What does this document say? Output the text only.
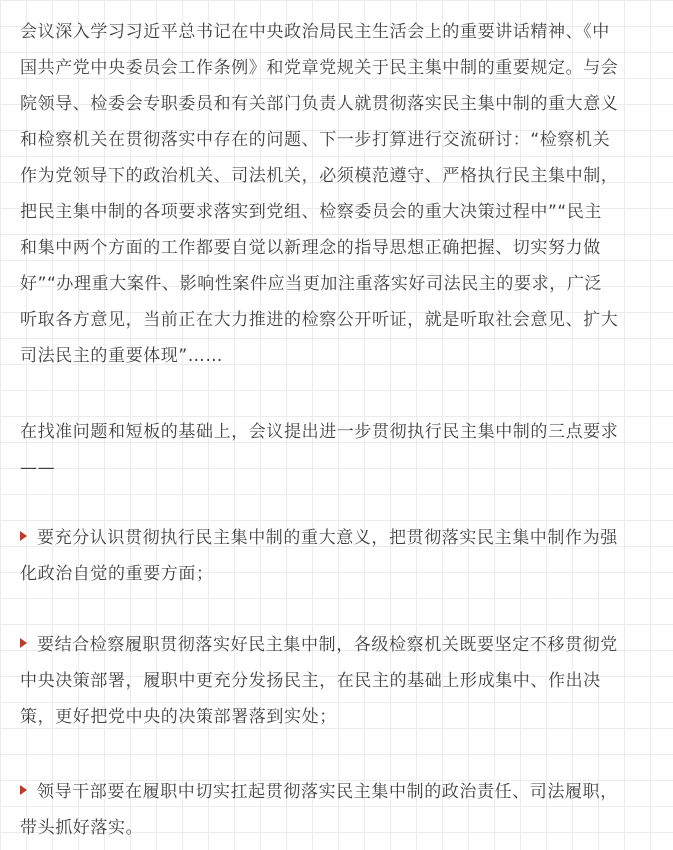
会议深入学习习近平总书记在中央政治局民主生活会上的重要讲话精神、《中
国共产党中央委员会工作条例》和党章党规关于民主集中制的重要规定。与会
院领导、检委会专职委员和有关部门负责人就贯彻落实民主集中制的重大意义
和检察机关在贯彻落实中存在的问题、下一步打算进行交流研讨：“检察机关
作为党领导下的政治机关、司法机关，必须模范遵守、严格执行民主集中制，
把民主集中制的各项要求落实到党组、检察委员会的重大决策过程中”“民主
和集中两个方面的工作都要自觉以新理念的指导思想正确把握、切实努力做
好”“办理重大案件、影响性案件应当更加注重落实好司法民主的要求，广泛
听取各方意见，当前正在大力推进的检察公开听证，就是听取社会意见、扩大
司法民主的重要体现”……

在找准问题和短板的基础上，会议提出进一步贯彻执行民主集中制的三点要求
——

要充分认识贯彻执行民主集中制的重大意义，把贯彻落实民主集中制作为强
化政治自觉的重要方面；

要结合检察履职贯彻落实好民主集中制，各级检察机关既要坚定不移贯彻党
中央决策部署，履职中更充分发扬民主，在民主的基础上形成集中、作出决
策，更好把党中央的决策部署落到实处；

领导干部要在履职中切实扛起贯彻落实民主集中制的政治责任、司法履职，
带头抓好落实。
